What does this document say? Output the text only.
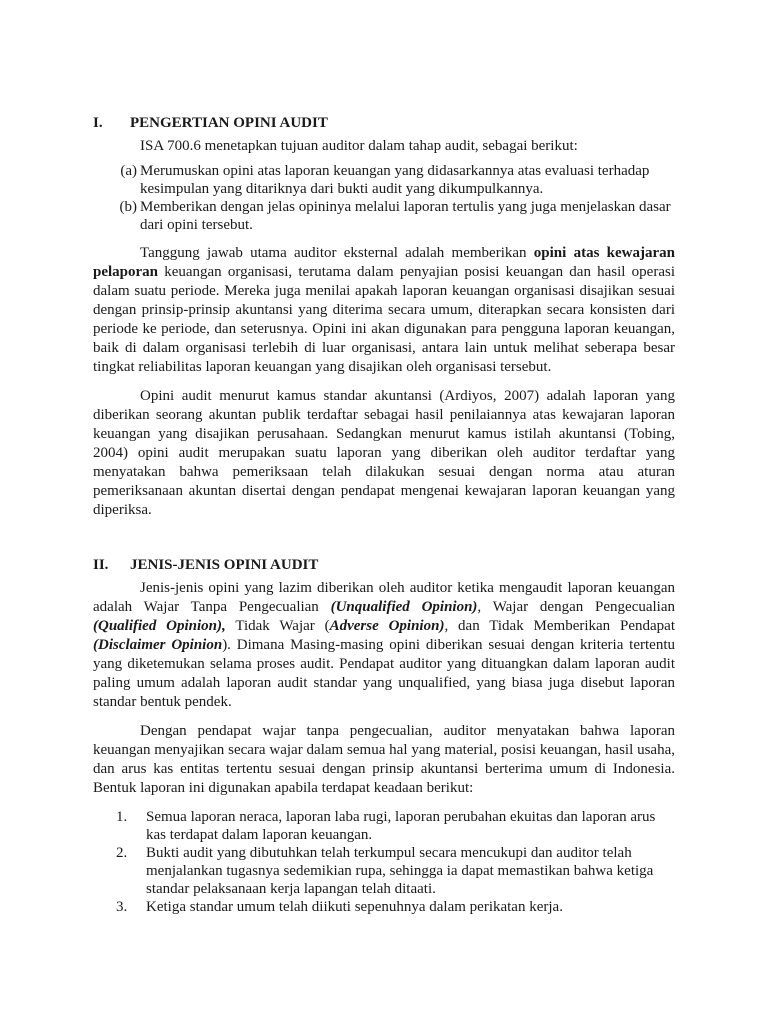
I.	PENGERTIAN OPINI AUDIT

ISA 700.6 menetapkan tujuan auditor dalam tahap audit, sebagai berikut:

(a) Merumuskan opini atas laporan keuangan yang didasarkannya atas evaluasi terhadap kesimpulan yang ditariknya dari bukti audit yang dikumpulkannya.
(b) Memberikan dengan jelas opininya melalui laporan tertulis yang juga menjelaskan dasar dari opini tersebut.

Tanggung jawab utama auditor eksternal adalah memberikan opini atas kewajaran pelaporan keuangan organisasi, terutama dalam penyajian posisi keuangan dan hasil operasi dalam suatu periode. Mereka juga menilai apakah laporan keuangan organisasi disajikan sesuai dengan prinsip-prinsip akuntansi yang diterima secara umum, diterapkan secara konsisten dari periode ke periode, dan seterusnya. Opini ini akan digunakan para pengguna laporan keuangan, baik di dalam organisasi terlebih di luar organisasi, antara lain untuk melihat seberapa besar tingkat reliabilitas laporan keuangan yang disajikan oleh organisasi tersebut.

Opini audit menurut kamus standar akuntansi (Ardiyos, 2007) adalah laporan yang diberikan seorang akuntan publik terdaftar sebagai hasil penilaiannya atas kewajaran laporan keuangan yang disajikan perusahaan. Sedangkan menurut kamus istilah akuntansi (Tobing, 2004) opini audit merupakan suatu laporan yang diberikan oleh auditor terdaftar yang menyatakan bahwa pemeriksaan telah dilakukan sesuai dengan norma atau aturan pemeriksanaan akuntan disertai dengan pendapat mengenai kewajaran laporan keuangan yang diperiksa.

II.	JENIS-JENIS OPINI AUDIT

Jenis-jenis opini yang lazim diberikan oleh auditor ketika mengaudit laporan keuangan adalah Wajar Tanpa Pengecualian (Unqualified Opinion), Wajar dengan Pengecualian (Qualified Opinion), Tidak Wajar (Adverse Opinion), dan Tidak Memberikan Pendapat (Disclaimer Opinion). Dimana Masing-masing opini diberikan sesuai dengan kriteria tertentu yang diketemukan selama proses audit. Pendapat auditor yang dituangkan dalam laporan audit paling umum adalah laporan audit standar yang unqualified, yang biasa juga disebut laporan standar bentuk pendek.

Dengan pendapat wajar tanpa pengecualian, auditor menyatakan bahwa laporan keuangan menyajikan secara wajar dalam semua hal yang material, posisi keuangan, hasil usaha, dan arus kas entitas tertentu sesuai dengan prinsip akuntansi berterima umum di Indonesia. Bentuk laporan ini digunakan apabila terdapat keadaan berikut:

1.	Semua laporan neraca, laporan laba rugi, laporan perubahan ekuitas dan laporan arus kas terdapat dalam laporan keuangan.
2.	Bukti audit yang dibutuhkan telah terkumpul secara mencukupi dan auditor telah menjalankan tugasnya sedemikian rupa, sehingga ia dapat memastikan bahwa ketiga standar pelaksanaan kerja lapangan telah ditaati.
3.	Ketiga standar umum telah diikuti sepenuhnya dalam perikatan kerja.
